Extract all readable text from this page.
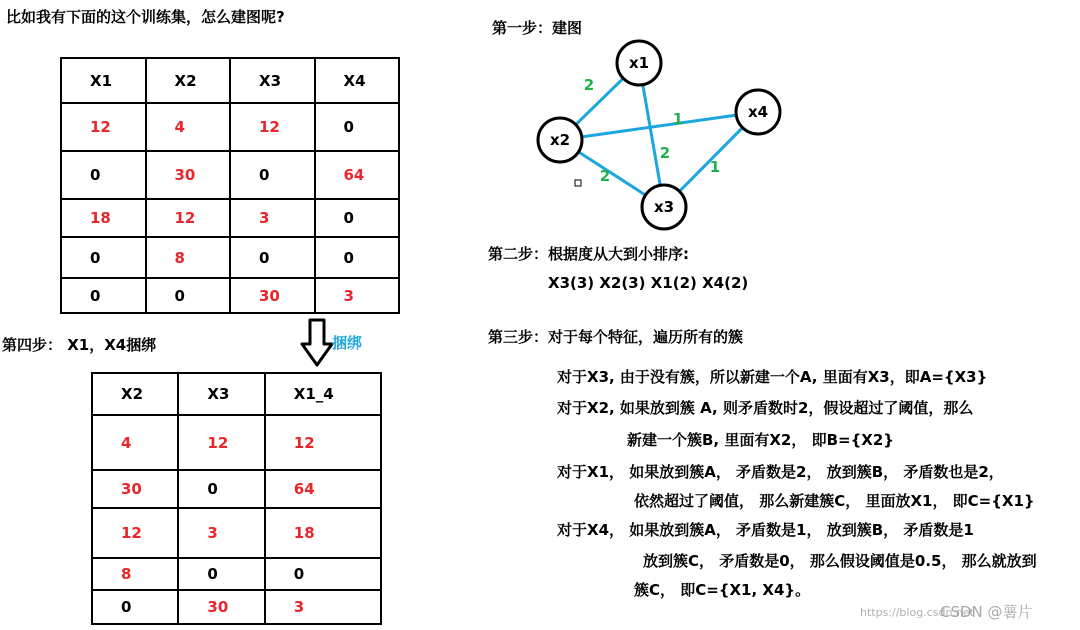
比如我有下面的这个训练集，怎么建图呢?
X1	X2	X3	X4
12	4	12	0
0	30	0	64
18	12	3	0
0	8	0	0
0	0	30	3
捆绑
第四步： X1，X4捆绑
X2	X3	X1_4
4	12	12
30	0	64
12	3	18
8	0	0
0	30	3
第一步：建图
2
1
2
2
1
x1
x2
x3
x4
第二步：根据度从大到小排序:
X3(3) X2(3) X1(2) X4(2)
第三步：对于每个特征，遍历所有的簇
对于X3, 由于没有簇，所以新建一个A, 里面有X3，即A={X3}
对于X2, 如果放到簇 A, 则矛盾数时2，假设超过了阈值，那么
新建一个簇B, 里面有X2， 即B={X2}
对于X1， 如果放到簇A， 矛盾数是2， 放到簇B， 矛盾数也是2，
依然超过了阈值， 那么新建簇C， 里面放X1， 即C={X1}
对于X4， 如果放到簇A， 矛盾数是1， 放到簇B， 矛盾数是1
放到簇C， 矛盾数是0， 那么假设阈值是0.5， 那么就放到
簇C， 即C={X1, X4}。
https://blog.csdn.net
CSDN @薯片
